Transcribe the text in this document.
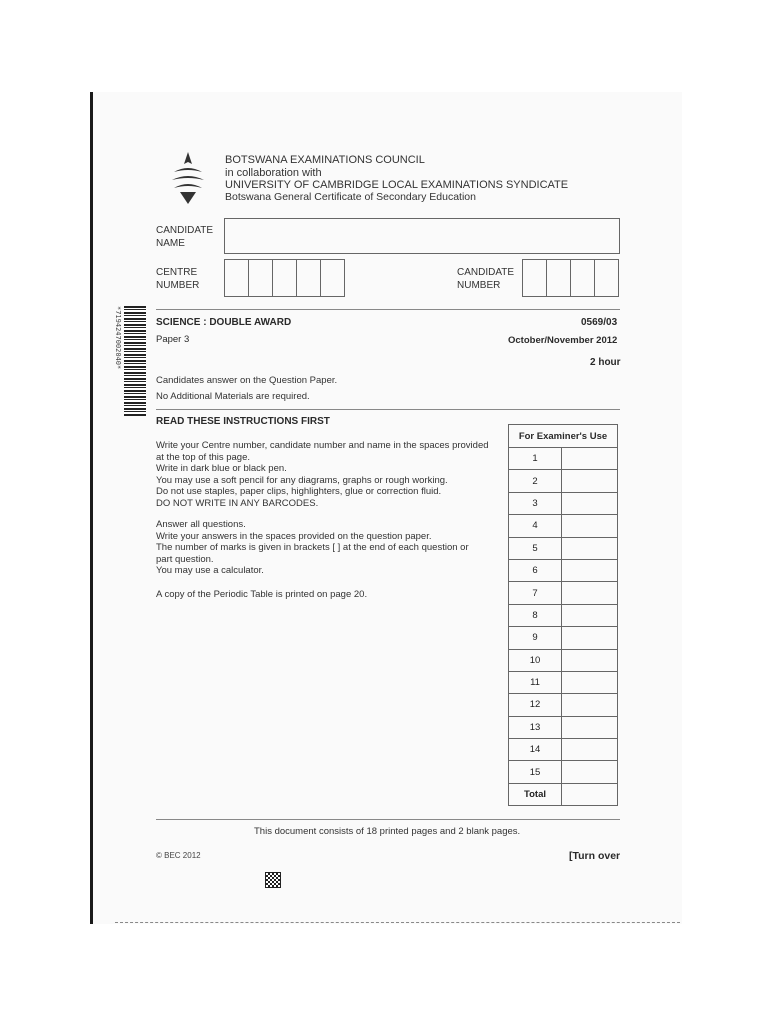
BOTSWANA EXAMINATIONS COUNCIL
in collaboration with
UNIVERSITY OF CAMBRIDGE LOCAL EXAMINATIONS SYNDICATE
Botswana General Certificate of Secondary Education
CANDIDATE
NAME
CENTRE
NUMBER
CANDIDATE
NUMBER
*7194247002040*	SCIENCE : DOUBLE AWARD	0569/03
Paper 3	October/November 2012
2 hour
Candidates answer on the Question Paper.
No Additional Materials are required.
READ THESE INSTRUCTIONS FIRST
Write your Centre number, candidate number and name in the spaces provided
at the top of this page.
Write in dark blue or black pen.
You may use a soft pencil for any diagrams, graphs or rough working.
Do not use staples, paper clips, highlighters, glue or correction fluid.
DO NOT WRITE IN ANY BARCODES.
Answer all questions.
Write your answers in the spaces provided on the question paper.
The number of marks is given in brackets [ ] at the end of each question or
part question.
You may use a calculator.
A copy of the Periodic Table is printed on page 20.
For Examiner's Use	
1	
2	
3	
4	
5	
6	
7	
8	
9	
10	
11	
12	
13	
14	
15	
Total	
This document consists of 18 printed pages and 2 blank pages.
© BEC 2012	[Turn over
